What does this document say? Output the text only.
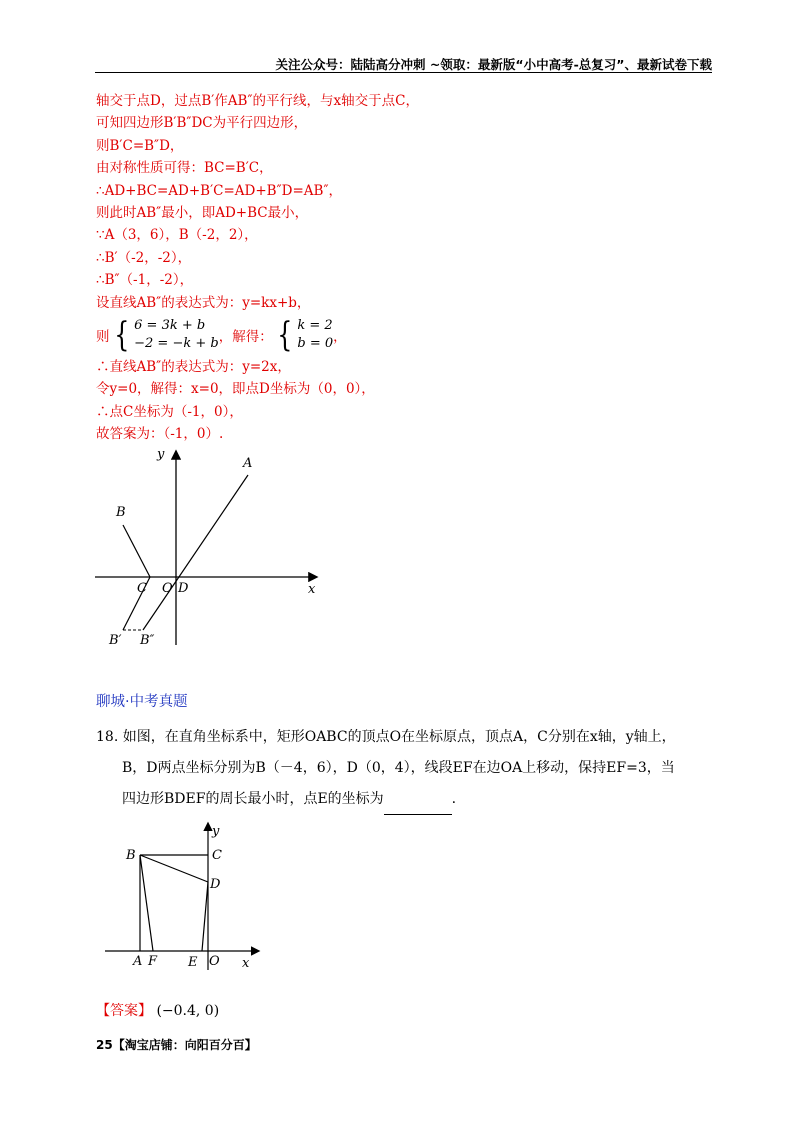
关注公众号：陆陆高分冲刺 ~领取：最新版“小中高考-总复习”、最新试卷下载
轴交于点D，过点B′作AB″的平行线，与x轴交于点C，
可知四边形B′B″DC为平行四边形，
则B′C=B″D，
由对称性质可得：BC=B′C，
∴AD+BC=AD+B′C=AD+B″D=AB″，
则此时AB″最小，即AD+BC最小，
∵A（3，6），B（-2，2），
∴B′（-2，-2），
∴B″（-1，-2），
设直线AB″的表达式为：y=kx+b，
则 { 6 = 3k + b
−2 = −k + b ，解得： { k = 2
b = 0 ，
∴直线AB″的表达式为：y=2x，
令y=0，解得：x=0，即点D坐标为（0，0），
∴点C坐标为（-1，0），
故答案为：（-1，0）.
y
A
B
C O D	x
B′ B″
聊城·中考真题
18. 如图，在直角坐标系中，矩形OABC的顶点O在坐标原点，顶点A，C分别在x轴，y轴上，
B，D两点坐标分别为B（－4，6），D（0，4），线段EF在边OA上移动，保持EF=3，当
四边形BDEF的周长最小时，点E的坐标为	.
y
B	C
D
A F E O x
【答案】 (−0.4, 0)
25【淘宝店铺：向阳百分百】
